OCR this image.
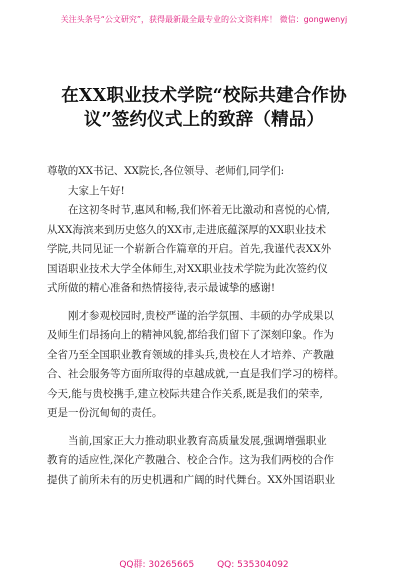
关注头条号“公文研究”，获得最新最全最专业的公文资料库！ 微信：gongwenyj
在XX职业技术学院“校际共建合作协
议”签约仪式上的致辞（精品）
尊敬的XX书记、XX院长,各位领导、老师们,同学们:
大家上午好!
在这初冬时节,惠风和畅,我们怀着无比激动和喜悦的心情,
从XX海滨来到历史悠久的XX市,走进底蕴深厚的XX职业技术
学院,共同见证一个崭新合作篇章的开启。首先,我谨代表XX外
国语职业技术大学全体师生,对XX职业技术学院为此次签约仪
式所做的精心准备和热情接待,表示最诚挚的感谢!
刚才参观校园时,贵校严谨的治学氛围、丰硕的办学成果以
及师生们昂扬向上的精神风貌,都给我们留下了深刻印象。作为
全省乃至全国职业教育领域的排头兵,贵校在人才培养、产教融
合、社会服务等方面所取得的卓越成就,一直是我们学习的榜样。
今天,能与贵校携手,建立校际共建合作关系,既是我们的荣幸,
更是一份沉甸甸的责任。
当前,国家正大力推动职业教育高质量发展,强调增强职业
教育的适应性,深化产教融合、校企合作。这为我们两校的合作
提供了前所未有的历史机遇和广阔的时代舞台。XX外国语职业
QQ群: 30265665	QQ: 535304092
